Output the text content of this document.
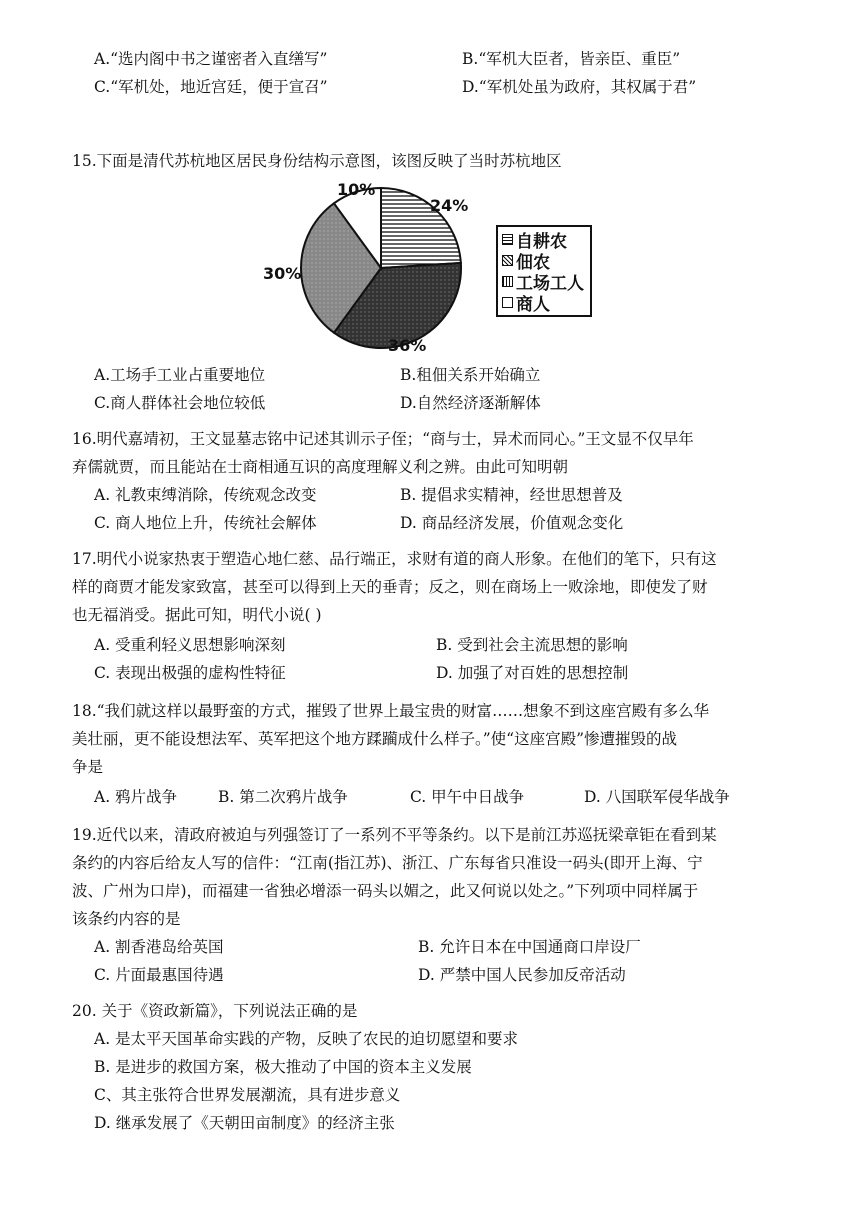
A.“选内阁中书之谨密者入直缮写”	B.“军机大臣者，皆亲臣、重臣”
C.“军机处，地近宫廷，便于宣召”	D.“军机处虽为政府，其权属于君”
15.下面是清代苏杭地区居民身份结构示意图，该图反映了当时苏杭地区
24%
36%
30%
10%
自耕农
佃农
工场工人
商人
A.工场手工业占重要地位	B.租佃关系开始确立
C.商人群体社会地位较低	D.自然经济逐渐解体
16.明代嘉靖初，王文显墓志铭中记述其训示子侄；“商与士，异术而同心。”王文显不仅早年
弃儒就贾，而且能站在士商相通互识的高度理解义利之辨。由此可知明朝
A. 礼教束缚消除，传统观念改变	B. 提倡求实精神，经世思想普及
C. 商人地位上升，传统社会解体	D. 商品经济发展，价值观念变化
17.明代小说家热衷于塑造心地仁慈、品行端正，求财有道的商人形象。在他们的笔下，只有这
样的商贾才能发家致富，甚至可以得到上天的垂青；反之，则在商场上一败涂地，即使发了财
也无福消受。据此可知，明代小说( )
A. 受重利轻义思想影响深刻	B. 受到社会主流思想的影响
C. 表现出极强的虚构性特征	D. 加强了对百姓的思想控制
18.“我们就这样以最野蛮的方式，摧毁了世界上最宝贵的财富……想象不到这座宫殿有多么华
美壮丽，更不能设想法军、英军把这个地方蹂躏成什么样子。”使“这座宫殿”惨遭摧毁的战
争是
A. 鸦片战争	B. 第二次鸦片战争	C. 甲午中日战争	D. 八国联军侵华战争
19.近代以来，清政府被迫与列强签订了一系列不平等条约。以下是前江苏巡抚梁章钜在看到某
条约的内容后给友人写的信件：“江南(指江苏)、浙江、广东每省只准设一码头(即开上海、宁
波、广州为口岸)，而福建一省独必增添一码头以媚之，此又何说以处之。”下列项中同样属于
该条约内容的是
A. 割香港岛给英国	B. 允许日本在中国通商口岸设厂
C. 片面最惠国待遇	D. 严禁中国人民参加反帝活动
20. 关于《资政新篇》，下列说法正确的是
A. 是太平天国革命实践的产物，反映了农民的迫切愿望和要求
B. 是进步的救国方案，极大推动了中国的资本主义发展
C、其主张符合世界发展潮流，具有进步意义
D. 继承发展了《天朝田亩制度》的经济主张
